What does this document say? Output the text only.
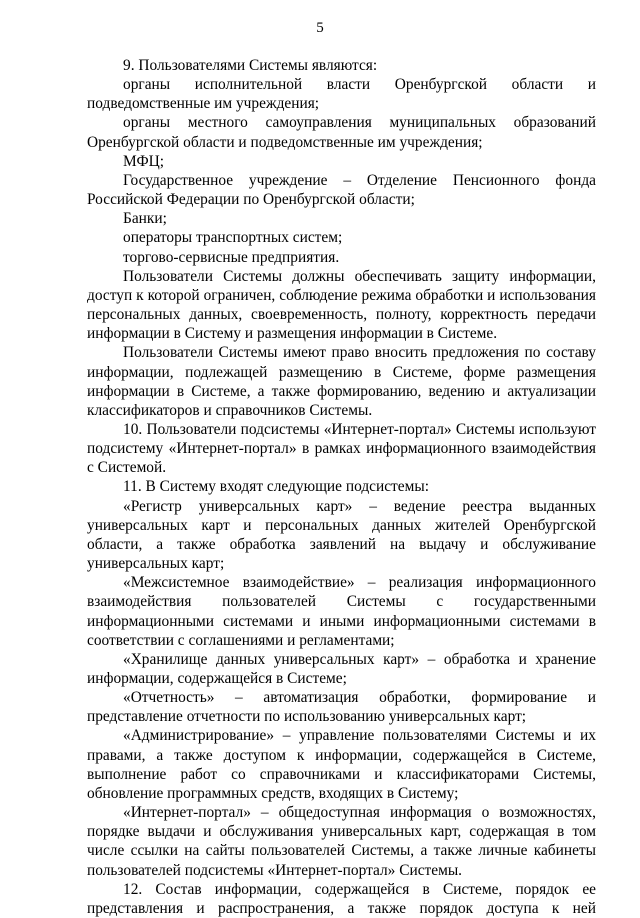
5

9. Пользователями Системы являются:

органы исполнительной власти Оренбургской области и подведомственные им учреждения;

органы местного самоуправления муниципальных образований Оренбургской области и подведомственные им учреждения;

МФЦ;

Государственное учреждение – Отделение Пенсионного фонда Российской Федерации по Оренбургской области;

Банки;

операторы транспортных систем;

торгово-сервисные предприятия.

Пользователи Системы должны обеспечивать защиту информации, доступ к которой ограничен, соблюдение режима обработки и использования персональных данных, своевременность, полноту, корректность передачи информации в Систему и размещения информации в Системе.

Пользователи Системы имеют право вносить предложения по составу информации, подлежащей размещению в Системе, форме размещения информации в Системе, а также формированию, ведению и актуализации классификаторов и справочников Системы.

10. Пользователи подсистемы «Интернет-портал» Системы используют подсистему «Интернет-портал» в рамках информационного взаимодействия с Системой.

11. В Систему входят следующие подсистемы:

«Регистр универсальных карт» – ведение реестра выданных универсальных карт и персональных данных жителей Оренбургской области, а также обработка заявлений на выдачу и обслуживание универсальных карт;

«Межсистемное взаимодействие» – реализация информационного взаимодействия пользователей Системы с государственными информационными системами и иными информационными системами в соответствии с соглашениями и регламентами;

«Хранилище данных универсальных карт» – обработка и хранение информации, содержащейся в Системе;

«Отчетность» – автоматизация обработки, формирование и представление отчетности по использованию универсальных карт;

«Администрирование» – управление пользователями Системы и их правами, а также доступом к информации, содержащейся в Системе, выполнение работ со справочниками и классификаторами Системы, обновление программных средств, входящих в Систему;

«Интернет-портал» – общедоступная информация о возможностях, порядке выдачи и обслуживания универсальных карт, содержащая в том числе ссылки на сайты пользователей Системы, а также личные кабинеты пользователей подсистемы «Интернет-портал» Системы.

12. Состав информации, содержащейся в Системе, порядок ее представления и распространения, а также порядок доступа к ней
